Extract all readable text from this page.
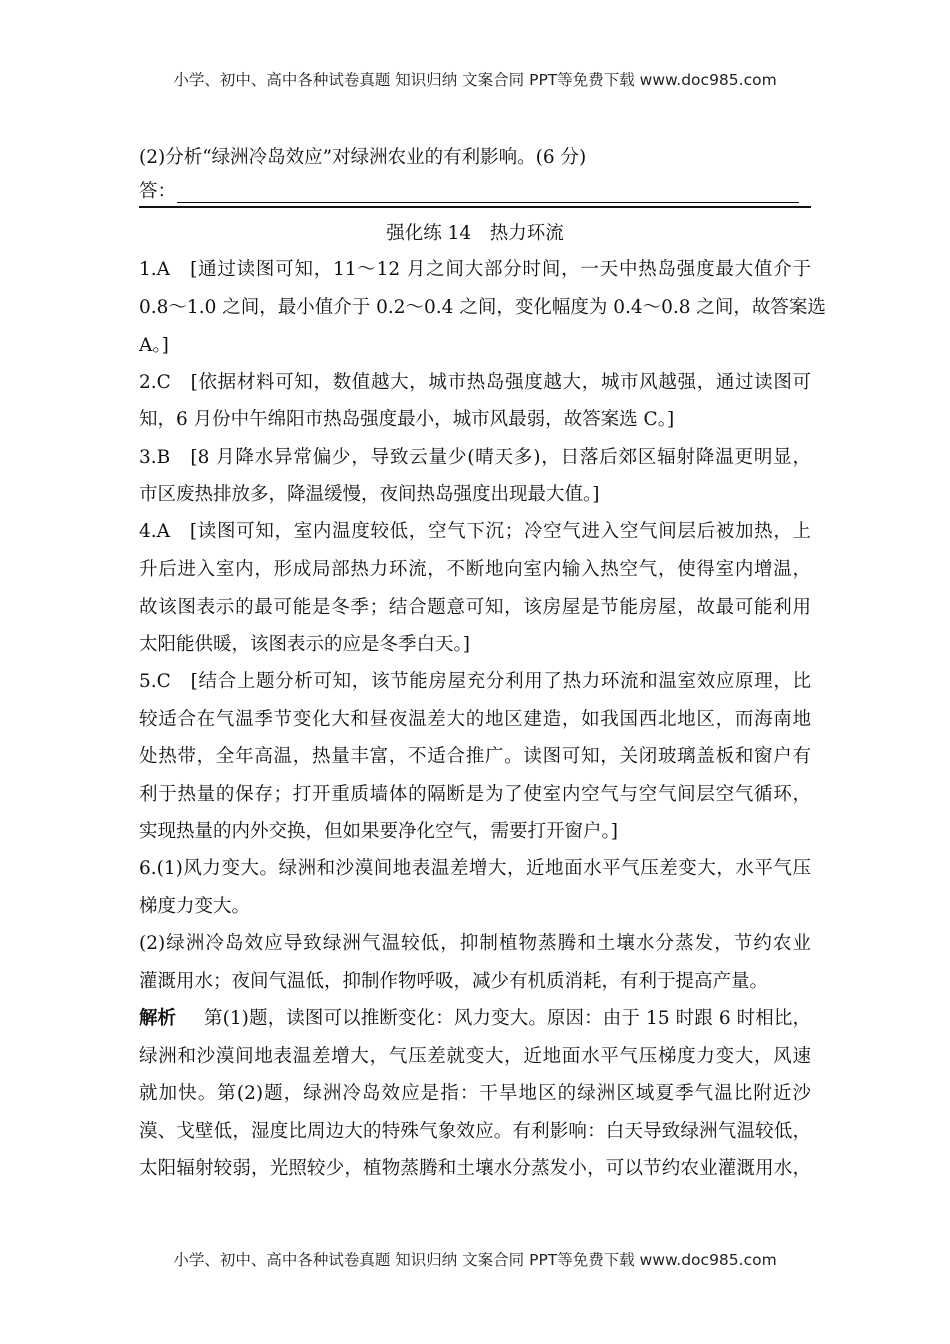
小学、初中、高中各种试卷真题 知识归纳 文案合同 PPT等免费下载 www.doc985.com
(2)分析“绿洲冷岛效应”对绿洲农业的有利影响。(6 分)
答：
强化练 14　热力环流
1.A　[通过读图可知，11～12 月之间大部分时间，一天中热岛强度最大值介于
0.8～1.0 之间，最小值介于 0.2～0.4 之间，变化幅度为 0.4～0.8 之间，故答案选
A。]
2.C　[依据材料可知，数值越大，城市热岛强度越大，城市风越强，通过读图可
知，6 月份中午绵阳市热岛强度最小，城市风最弱，故答案选 C。]
3.B　[8 月降水异常偏少，导致云量少(晴天多)，日落后郊区辐射降温更明显，
市区废热排放多，降温缓慢，夜间热岛强度出现最大值。]
4.A　[读图可知，室内温度较低，空气下沉；冷空气进入空气间层后被加热，上
升后进入室内，形成局部热力环流，不断地向室内输入热空气，使得室内增温，
故该图表示的最可能是冬季；结合题意可知，该房屋是节能房屋，故最可能利用
太阳能供暖，该图表示的应是冬季白天。]
5.C　[结合上题分析可知，该节能房屋充分利用了热力环流和温室效应原理，比
较适合在气温季节变化大和昼夜温差大的地区建造，如我国西北地区，而海南地
处热带，全年高温，热量丰富，不适合推广。读图可知，关闭玻璃盖板和窗户有
利于热量的保存；打开重质墙体的隔断是为了使室内空气与空气间层空气循环，
实现热量的内外交换，但如果要净化空气，需要打开窗户。]
6.(1)风力变大。绿洲和沙漠间地表温差增大，近地面水平气压差变大，水平气压
梯度力变大。
(2)绿洲冷岛效应导致绿洲气温较低，抑制植物蒸腾和土壤水分蒸发，节约农业
灌溉用水；夜间气温低，抑制作物呼吸，减少有机质消耗，有利于提高产量。
解析 第(1)题，读图可以推断变化：风力变大。原因：由于 15 时跟 6 时相比，
绿洲和沙漠间地表温差增大，气压差就变大，近地面水平气压梯度力变大，风速
就加快。第(2)题，绿洲冷岛效应是指：干旱地区的绿洲区域夏季气温比附近沙
漠、戈壁低，湿度比周边大的特殊气象效应。有利影响：白天导致绿洲气温较低，
太阳辐射较弱，光照较少，植物蒸腾和土壤水分蒸发小，可以节约农业灌溉用水，
小学、初中、高中各种试卷真题 知识归纳 文案合同 PPT等免费下载 www.doc985.com
